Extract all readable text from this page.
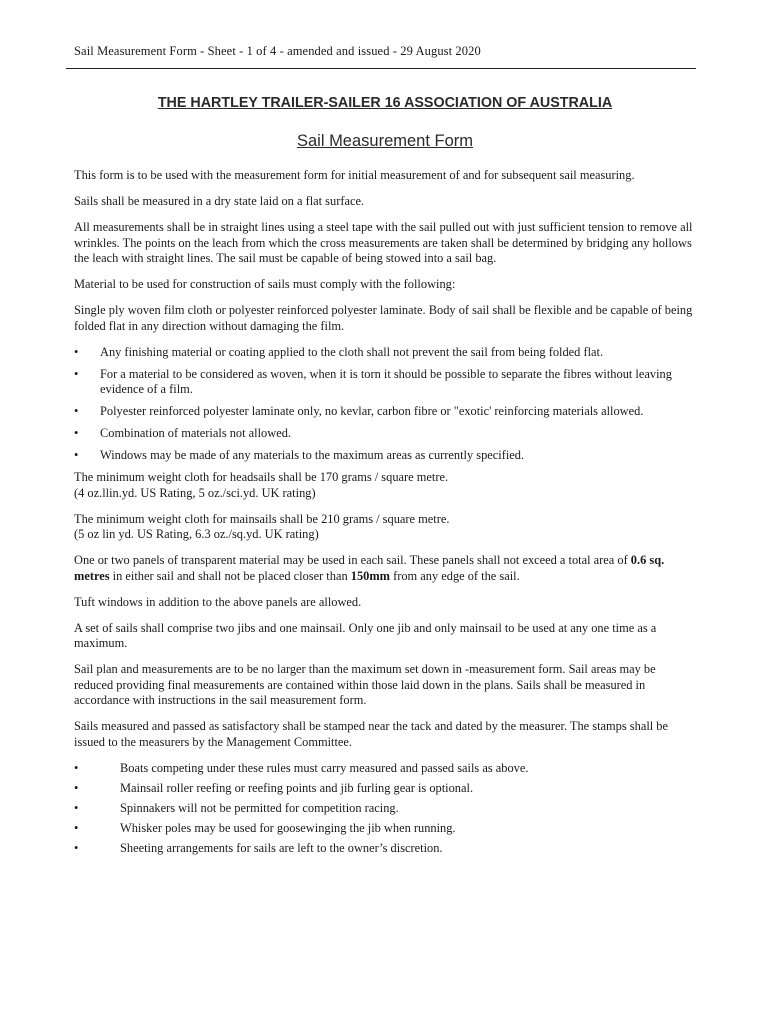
Sail Measurement Form - Sheet - 1 of 4 - amended and issued - 29 August 2020
THE HARTLEY TRAILER-SAILER 16 ASSOCIATION OF AUSTRALIA
Sail Measurement Form

This form is to be used with the measurement form for initial measurement of and for subsequent sail measuring.

Sails shall be measured in a dry state laid on a flat surface.

All measurements shall be in straight lines using a steel tape with the sail pulled out with just sufficient tension to remove all wrinkles. The points on the leach from which the cross measurements are taken shall be determined by bridging any hollows the leach with straight lines. The sail must be capable of being stowed into a sail bag.

Material to be used for construction of sails must comply with the following:

Single ply woven film cloth or polyester reinforced polyester laminate. Body of sail shall be flexible and be capable of being folded flat in any direction without damaging the film.

• Any finishing material or coating applied to the cloth shall not prevent the sail from being folded flat.
• For a material to be considered as woven, when it is torn it should be possible to separate the fibres without leaving evidence of a film.
• Polyester reinforced polyester laminate only, no kevlar, carbon fibre or "exotic' reinforcing materials allowed.
• Combination of materials not allowed.
• Windows may be made of any materials to the maximum areas as currently specified.

The minimum weight cloth for headsails shall be 170 grams / square metre.
(4 oz.llin.yd. US Rating, 5 oz./sci.yd. UK rating)

The minimum weight cloth for mainsails shall be 210 grams / square metre.
(5 oz lin yd. US Rating, 6.3 oz./sq.yd. UK rating)

One or two panels of transparent material may be used in each sail. These panels shall not exceed a total area of 0.6 sq. metres in either sail and shall not be placed closer than 150mm from any edge of the sail.

Tuft windows in addition to the above panels are allowed.

A set of sails shall comprise two jibs and one mainsail. Only one jib and only mainsail to be used at any one time as a maximum.

Sail plan and measurements are to be no larger than the maximum set down in -measurement form. Sail areas may be reduced providing final measurements are contained within those laid down in the plans. Sails shall be measured in accordance with instructions in the sail measurement form.

Sails measured and passed as satisfactory shall be stamped near the tack and dated by the measurer. The stamps shall be issued to the measurers by the Management Committee.

•	Boats competing under these rules must carry measured and passed sails as above.
•	Mainsail roller reefing or reefing points and jib furling gear is optional.
•	Spinnakers will not be permitted for competition racing.
•	Whisker poles may be used for goosewinging the jib when running.
•	Sheeting arrangements for sails are left to the owner’s discretion.
